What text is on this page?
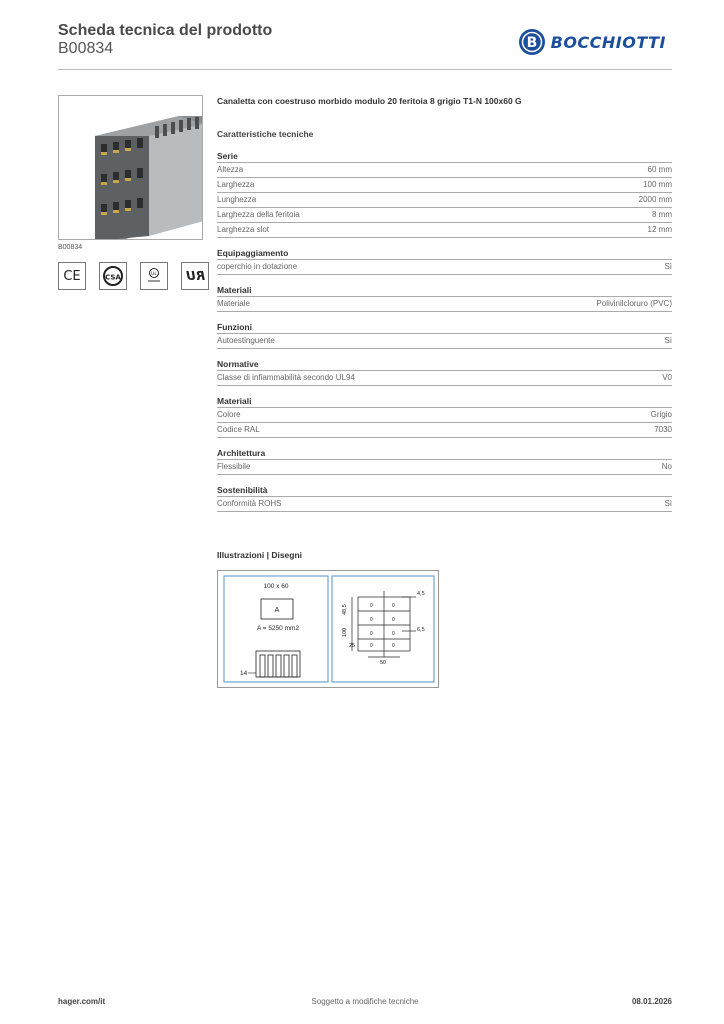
Scheda tecnica del prodotto
B00834	B BOCCHIOTTI
B00834
CE	CSA	UL RU
Canaletta con coestruso morbido modulo 20 feritoia 8 grigio T1-N 100x60 G
Caratteristiche tecniche
Serie
Altezza	60 mm
Larghezza	100 mm
Lunghezza	2000 mm
Larghezza della feritoia	8 mm
Larghezza slot	12 mm
Equipaggiamento
coperchio in dotazione	Sì
Materiali
Materiale	Polivinilcloruro (PVC)
Funzioni
Autoestinguente	Sì
Normative
Classe di infiammabilità secondo UL94	V0
Materiali
Colore	Grigio
Codice RAL	7030
Architettura
Flessibile	No
Sostenibilità
Conformità ROHS	Sì
Illustrazioni | Disegni
100 x 60
A
A = 5250 mm2
14
0
0
0
0
0
0
0
0
4,5
6,5
48,5
100
25
50
hager.com/it	Soggetto a modifiche tecniche	08.01.2026
